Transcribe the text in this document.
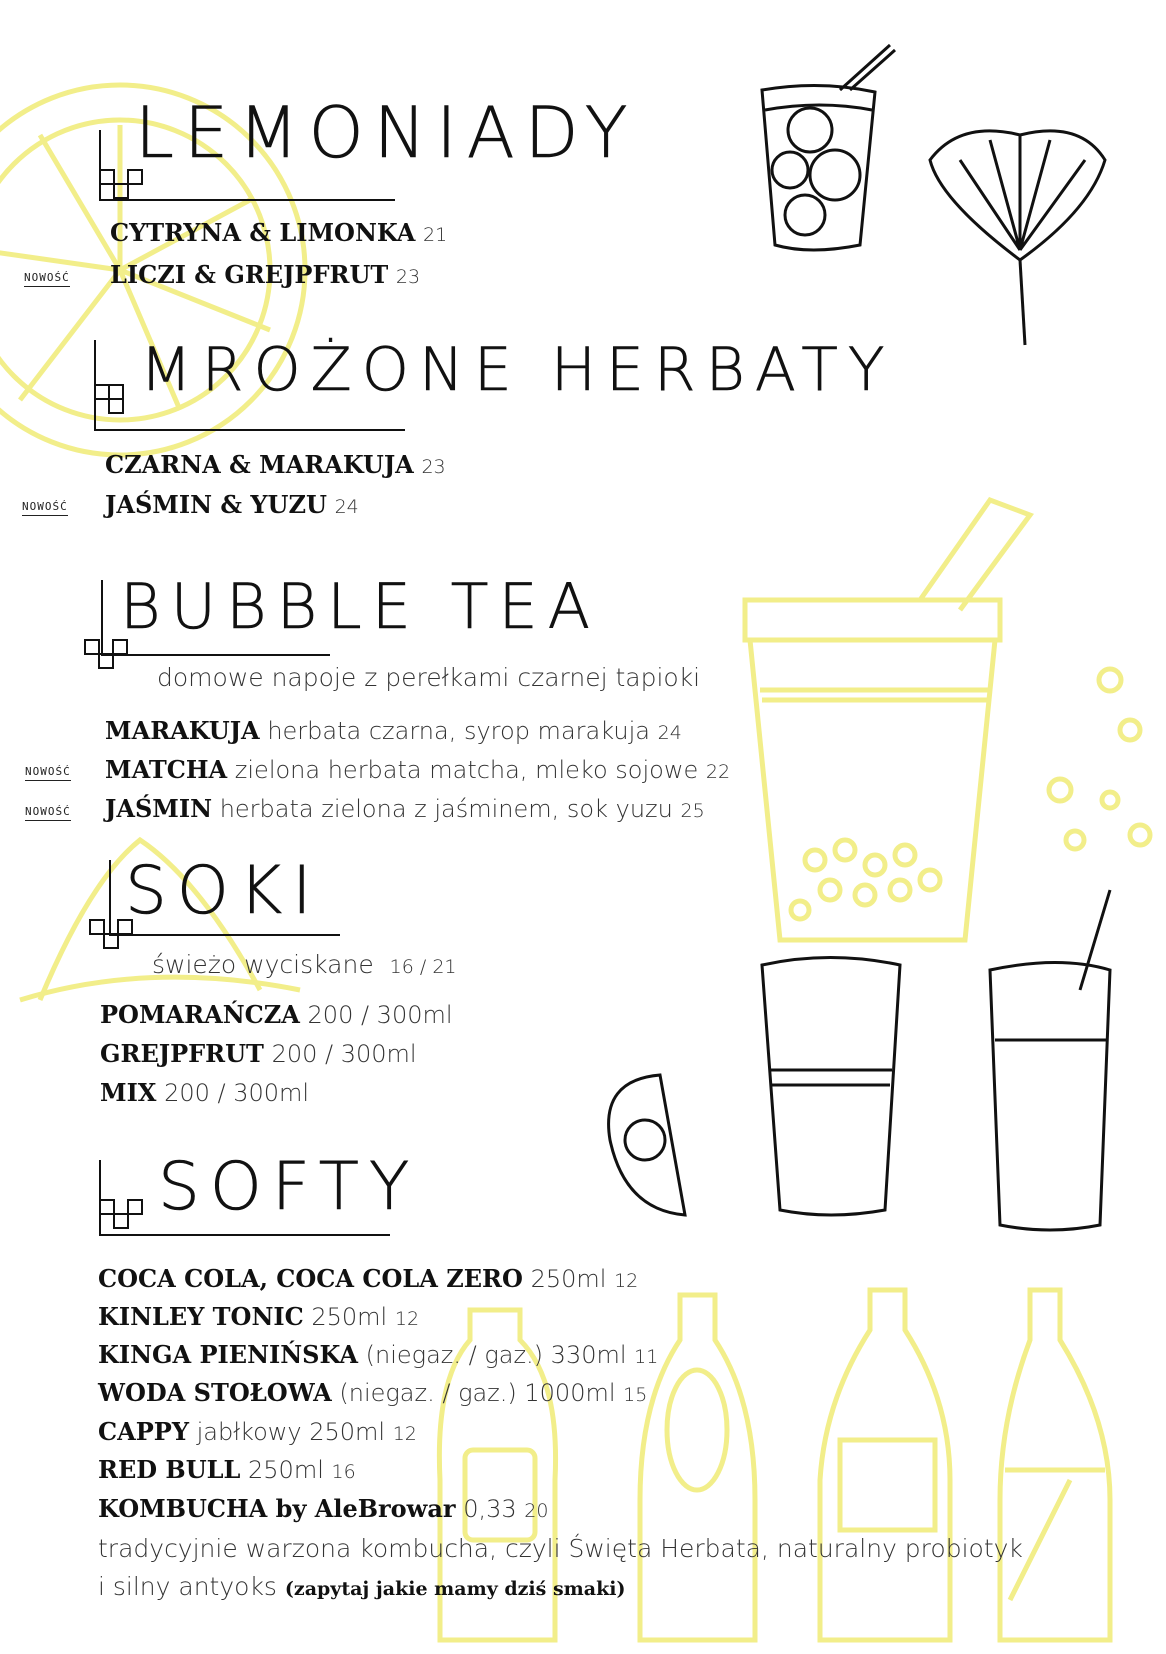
LEMONIADY
CYTRYNA & LIMONKA 21
NOWOŚĆ LICZI & GREJPFRUT 23
MROŻONE HERBATY
CZARNA & MARAKUJA 23
NOWOŚĆ JAŚMIN & YUZU 24
BUBBLE TEA
domowe napoje z perełkami czarnej tapioki
MARAKUJA herbata czarna, syrop marakuja 24
NOWOŚĆ MATCHA zielona herbata matcha, mleko sojowe 22
NOWOŚĆ JAŚMIN herbata zielona z jaśminem, sok yuzu 25
SOKI
świeżo wyciskane 16 / 21
POMARAŃCZA 200 / 300ml
GREJPFRUT 200 / 300ml
MIX 200 / 300ml
SOFTY
COCA COLA, COCA COLA ZERO 250ml 12
KINLEY TONIC 250ml 12
KINGA PIENIŃSKA (niegaz. / gaz.) 330ml 11
WODA STOŁOWA (niegaz. / gaz.) 1000ml 15
CAPPY jabłkowy 250ml 12
RED BULL 250ml 16
KOMBUCHA by AleBrowar 0,33 20
tradycyjnie warzona kombucha, czyli Święta Herbata, naturalny probiotyk
i silny antyoks (zapytaj jakie mamy dziś smaki)
